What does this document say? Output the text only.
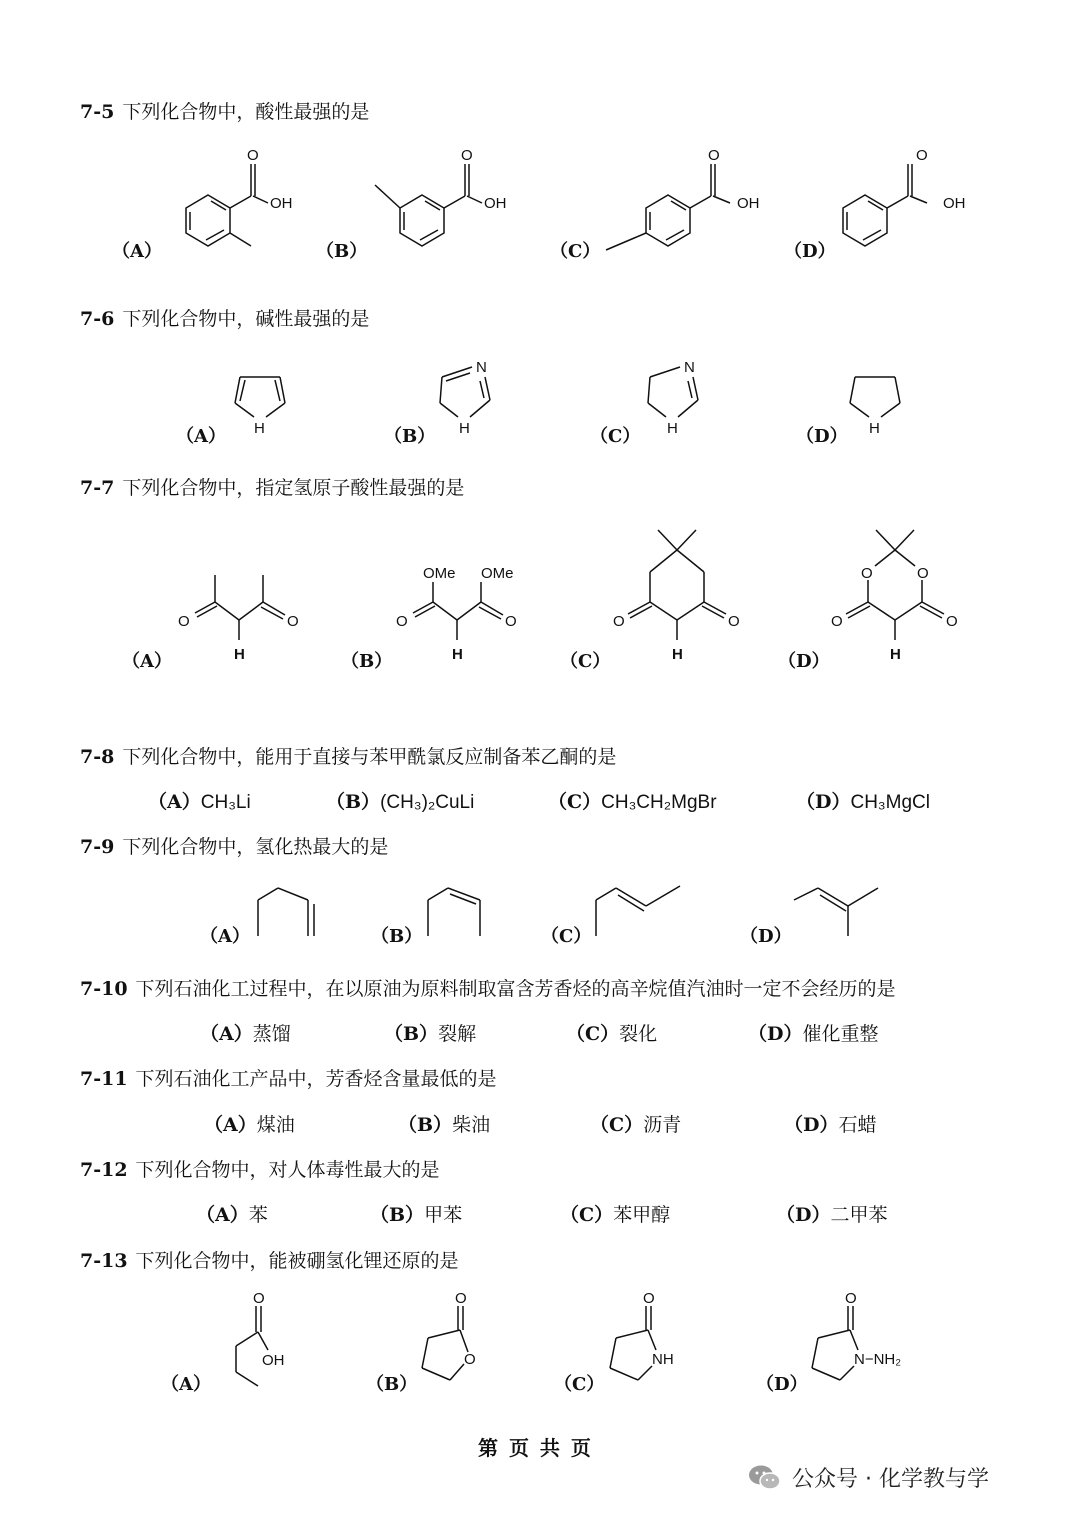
7-5 下列化合物中，酸性最强的是
（A）	（B）	（C）	（D）
O
OH
O
OH
O
OH
O
OH
7-6 下列化合物中，碱性最强的是
（A）	（B）	（C）	（D）
H
N
H
N
H	H
7-7 下列化合物中，指定氢原子酸性最强的是
（A）	（B）	（C）	（D）
O	O
H
OMe OMe
O	O
H
O	O
H
O	O
O	O
H
7-8 下列化合物中，能用于直接与苯甲酰氯反应制备苯乙酮的是
（A）CH₃Li	（B）(CH₃)₂CuLi	（C）CH₃CH₂MgBr	（D）CH₃MgCl
7-9 下列化合物中，氢化热最大的是
（A）	（B）	（C）	（D）
7-10 下列石油化工过程中，在以原油为原料制取富含芳香烃的高辛烷值汽油时一定不会经历的是
（A）蒸馏	（B）裂解	（C）裂化	（D）催化重整
7-11 下列石油化工产品中，芳香烃含量最低的是
（A）煤油	（B）柴油	（C）沥青	（D）石蜡
7-12 下列化合物中，对人体毒性最大的是
（A）苯	（B）甲苯	（C）苯甲醇	（D）二甲苯
7-13 下列化合物中，能被硼氢化锂还原的是
（A）	（B）	（C）	（D）
O
OH
O
O
O
NH
O
N−NH₂
第 页 共 页
公众号 · 化学教与学
